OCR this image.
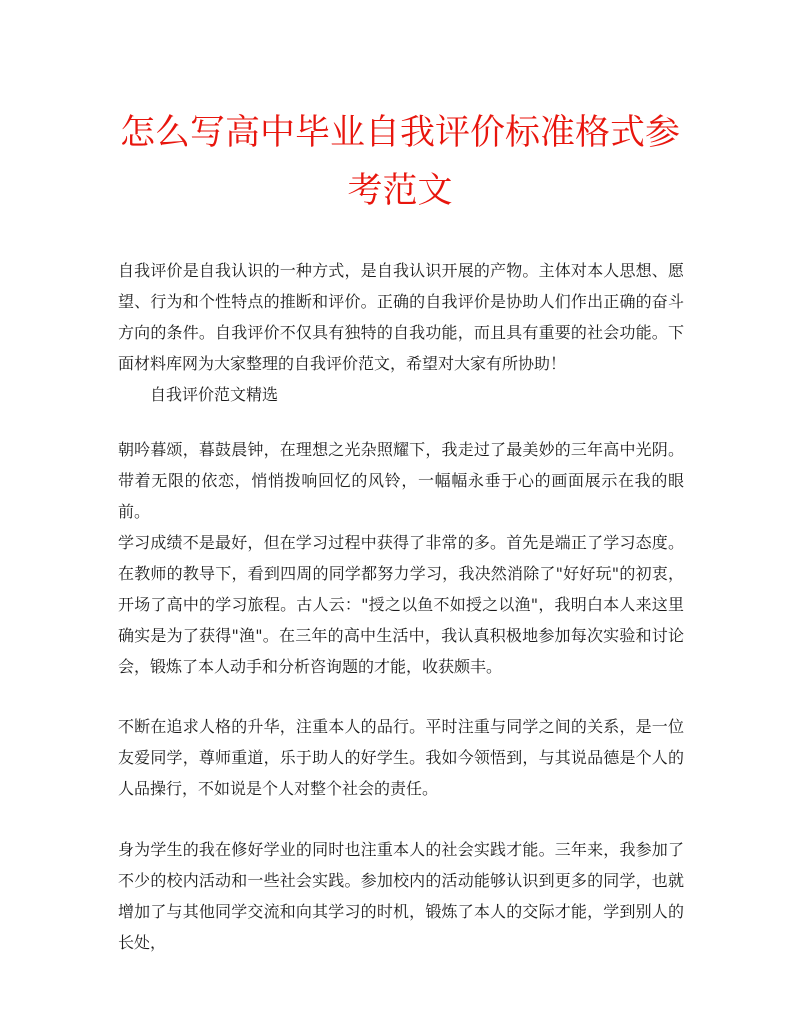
怎么写高中毕业自我评价标准格式参考范文

自我评价是自我认识的一种方式，是自我认识开展的产物。主体对本人思想、愿望、行为和个性特点的推断和评价。正确的自我评价是协助人们作出正确的奋斗方向的条件。自我评价不仅具有独特的自我功能，而且具有重要的社会功能。下面材料库网为大家整理的自我评价范文，希望对大家有所协助！

自我评价范文精选

朝吟暮颂，暮鼓晨钟，在理想之光杂照耀下，我走过了最美妙的三年高中光阴。带着无限的依恋，悄悄拨响回忆的风铃，一幅幅永垂于心的画面展示在我的眼前。

学习成绩不是最好，但在学习过程中获得了非常的多。首先是端正了学习态度。在教师的教导下，看到四周的同学都努力学习，我决然消除了"好好玩"的初衷，开场了高中的学习旅程。古人云："授之以鱼不如授之以渔"，我明白本人来这里确实是为了获得"渔"。在三年的高中生活中，我认真积极地参加每次实验和讨论会，锻炼了本人动手和分析咨询题的才能，收获颇丰。

不断在追求人格的升华，注重本人的品行。平时注重与同学之间的关系，是一位友爱同学，尊师重道，乐于助人的好学生。我如今领悟到，与其说品德是个人的人品操行，不如说是个人对整个社会的责任。

身为学生的我在修好学业的同时也注重本人的社会实践才能。三年来，我参加了不少的校内活动和一些社会实践。参加校内的活动能够认识到更多的同学，也就增加了与其他同学交流和向其学习的时机，锻炼了本人的交际才能，学到别人的长处，
